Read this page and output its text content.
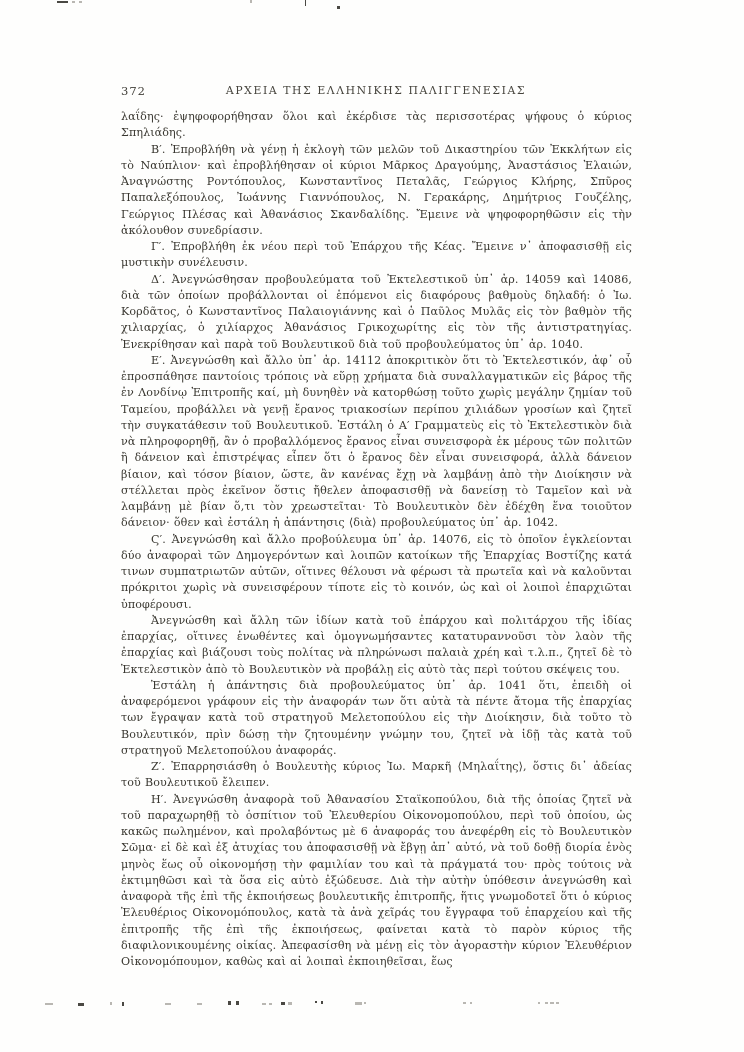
372	ΑΡΧΕΙΑ ΤΗΣ ΕΛΛΗΝΙΚΗΣ ΠΑΛΙΓΓΕΝΕΣΙΑΣ

λαΐδης· ἐψηφοφορήθησαν ὅλοι καὶ ἐκέρδισε τὰς περισσοτέρας ψήφους ὁ κύριος Σπηλιάδης.

Β′. Ἐπροβλήθη νὰ γένῃ ἡ ἐκλογὴ τῶν μελῶν τοῦ Δικαστηρίου τῶν Ἐκκλήτων εἰς τὸ Ναύπλιον· καὶ ἐπροβλήθησαν οἱ κύριοι Μᾶρκος Δραγούμης, Ἀναστάσιος Ἐλαιών, Ἀναγνώστης Ροντόπουλος, Κωνσταντῖνος Πεταλᾶς, Γεώργιος Κλήρης, Σπῦρος Παπαλεξόπουλος, Ἰωάννης Γιαννόπουλος, Ν. Γερακάρης, Δημήτριος Γουζέλης, Γεώργιος Πλέσας καὶ Ἀθανάσιος Σκανδαλίδης. Ἔμεινε νὰ ψηφοφορηθῶσιν εἰς τὴν ἀκόλουθον συνεδρίασιν.

Γ′. Ἐπροβλήθη ἐκ νέου περὶ τοῦ Ἐπάρχου τῆς Κέας. Ἔμεινε ν᾽ ἀποφασισθῇ εἰς μυστικὴν συνέλευσιν.

Δ′. Ἀνεγνώσθησαν προβουλεύματα τοῦ Ἐκτελεστικοῦ ὑπ᾽ ἀρ. 14059 καὶ 14086, διὰ τῶν ὁποίων προβάλλονται οἱ ἑπόμενοι εἰς διαφόρους βαθμοὺς δηλαδή: ὁ Ἰω. Κορδᾶτος, ὁ Κωνσταντῖνος Παλαιογιάννης καὶ ὁ Παῦλος Μυλᾶς εἰς τὸν βαθμὸν τῆς χιλιαρχίας, ὁ χιλίαρχος Ἀθανάσιος Γρικοχωρίτης εἰς τὸν τῆς ἀντιστρατηγίας. Ἐνεκρίθησαν καὶ παρὰ τοῦ Βουλευτικοῦ διὰ τοῦ προβουλεύματος ὑπ᾽ ἀρ. 1040.

Ε′. Ἀνεγνώσθη καὶ ἄλλο ὑπ᾽ ἀρ. 14112 ἀποκριτικὸν ὅτι τὸ Ἐκτελεστικόν, ἀφ᾽ οὗ ἐπροσπάθησε παντοίοις τρόποις νὰ εὕρῃ χρήματα διὰ συναλλαγματικῶν εἰς βάρος τῆς ἐν Λονδίνῳ Ἐπιτροπῆς καί, μὴ δυνηθὲν νὰ κατορθώσῃ τοῦτο χωρὶς μεγάλην ζημίαν τοῦ Ταμείου, προβάλλει νὰ γενῇ ἔρανος τριακοσίων περίπου χιλιάδων γροσίων καὶ ζητεῖ τὴν συγκατάθεσιν τοῦ Βουλευτικοῦ. Ἐστάλη ὁ Α′ Γραμματεὺς εἰς τὸ Ἐκτελεστικὸν διὰ νὰ πληροφορηθῇ, ἂν ὁ προβαλλόμενος ἔρανος εἶναι συνεισφορὰ ἐκ μέρους τῶν πολιτῶν ἢ δάνειον καὶ ἐπιστρέψας εἶπεν ὅτι ὁ ἔρανος δὲν εἶναι συνεισφορά, ἀλλὰ δάνειον βίαιον, καὶ τόσον βίαιον, ὥστε, ἂν κανένας ἔχῃ νὰ λαμβάνῃ ἀπὸ τὴν Διοίκησιν νὰ στέλλεται πρὸς ἐκεῖνον ὅστις ἤθελεν ἀποφασισθῇ νὰ δανείσῃ τὸ Ταμεῖον καὶ νὰ λαμβάνῃ μὲ βίαν ὅ,τι τὸν χρεωστεῖται· Τὸ Βουλευτικὸν δὲν ἐδέχθη ἕνα τοιοῦτον δάνειον· ὅθεν καὶ ἐστάλη ἡ ἀπάντησις ⟨διὰ⟩ προβουλεύματος ὑπ᾽ ἀρ. 1042.

Ϛ′. Ἀνεγνώσθη καὶ ἄλλο προβούλευμα ὑπ᾽ ἀρ. 14076, εἰς τὸ ὁποῖον ἐγκλείονται δύο ἀναφοραὶ τῶν Δημογερόντων καὶ λοιπῶν κατοίκων τῆς Ἐπαρχίας Βοστίζης κατά τινων συμπατριωτῶν αὐτῶν, οἵτινες θέλουσι νὰ φέρωσι τὰ πρωτεῖα καὶ νὰ καλοῦνται πρόκριτοι χωρὶς νὰ συνεισφέρουν τίποτε εἰς τὸ κοινόν, ὡς καὶ οἱ λοιποὶ ἐπαρχιῶται ὑποφέρουσι.

Ἀνεγνώσθη καὶ ἄλλη τῶν ἰδίων κατὰ τοῦ ἐπάρχου καὶ πολιτάρχου τῆς ἰδίας ἐπαρχίας, οἵτινες ἑνωθέντες καὶ ὁμογνωμήσαντες κατατυραννοῦσι τὸν λαὸν τῆς ἐπαρχίας καὶ βιάζουσι τοὺς πολίτας νὰ πληρώνωσι παλαιὰ χρέη καὶ τ.λ.π., ζητεῖ δὲ τὸ Ἐκτελεστικὸν ἀπὸ τὸ Βουλευτικὸν νὰ προβάλῃ εἰς αὐτὸ τὰς περὶ τούτου σκέψεις του.

Ἐστάλη ἡ ἀπάντησις διὰ προβουλεύματος ὑπ᾽ ἀρ. 1041 ὅτι, ἐπειδὴ οἱ ἀναφερόμενοι γράφουν εἰς τὴν ἀναφοράν των ὅτι αὐτὰ τὰ πέντε ἄτομα τῆς ἐπαρχίας των ἔγραψαν κατὰ τοῦ στρατηγοῦ Μελετοπούλου εἰς τὴν Διοίκησιν, διὰ τοῦτο τὸ Βουλευτικόν, πρὶν δώσῃ τὴν ζητουμένην γνώμην του, ζητεῖ νὰ ἰδῇ τὰς κατὰ τοῦ στρατηγοῦ Μελετοπούλου ἀναφοράς.

Ζ′. Ἐπαρρησιάσθη ὁ Βουλευτὴς κύριος Ἰω. Μαρκῆ ⟨Μηλαΐτης⟩, ὅστις δι᾽ ἀδείας τοῦ Βουλευτικοῦ ἔλειπεν.

Η′. Ἀνεγνώσθη ἀναφορὰ τοῦ Ἀθανασίου Σταϊκοπούλου, διὰ τῆς ὁποίας ζητεῖ νὰ τοῦ παραχωρηθῇ τὸ ὁσπίτιον τοῦ Ἐλευθερίου Οἰκονομοπούλου, περὶ τοῦ ὁποίου, ὡς κακῶς πωλημένον, καὶ προλαβόντως μὲ 6 ἀναφοράς του ἀνεφέρθη εἰς τὸ Βουλευτικὸν Σῶμα· εἰ δὲ καὶ ἐξ ἀτυχίας του ἀποφασισθῇ νὰ ἔβγῃ ἀπ᾽ αὐτό, νὰ τοῦ δοθῇ διορία ἑνὸς μηνὸς ἕως οὗ οἰκονομήσῃ τὴν φαμιλίαν του καὶ τὰ πράγματά του· πρὸς τούτοις νὰ ἐκτιμηθῶσι καὶ τὰ ὅσα εἰς αὐτὸ ἐξώδευσε. Διὰ τὴν αὐτὴν ὑπόθεσιν ἀνεγνώσθη καὶ ἀναφορὰ τῆς ἐπὶ τῆς ἐκποιήσεως βουλευτικῆς ἐπιτροπῆς, ἥτις γνωμοδοτεῖ ὅτι ὁ κύριος Ἐλευθέριος Οἰκονομόπουλος, κατὰ τὰ ἀνὰ χεῖράς του ἔγγραφα τοῦ ἐπαρχείου καὶ τῆς ἐπιτροπῆς τῆς ἐπὶ τῆς ἐκποιήσεως, φαίνεται κατὰ τὸ παρὸν κύριος τῆς διαφιλονικουμένης οἰκίας. Ἀπεφασίσθη νὰ μένῃ εἰς τὸν ἀγοραστὴν κύριον Ἐλευθέριον Οἰκονομόπουμον, καθὼς καὶ αἱ λοιπαὶ ἐκποιηθεῖσαι, ἕως
